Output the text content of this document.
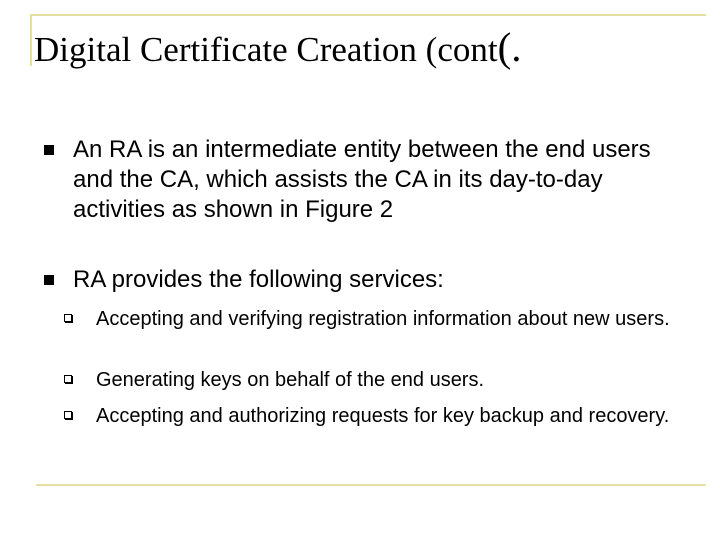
Digital Certificate Creation (cont(.
An RA is an intermediate entity between the end users and the CA, which assists the CA in its day-to-day activities as shown in Figure 2
RA provides the following services:
Accepting and verifying registration information about new users.
Generating keys on behalf of the end users.
Accepting and authorizing requests for key backup and recovery.
